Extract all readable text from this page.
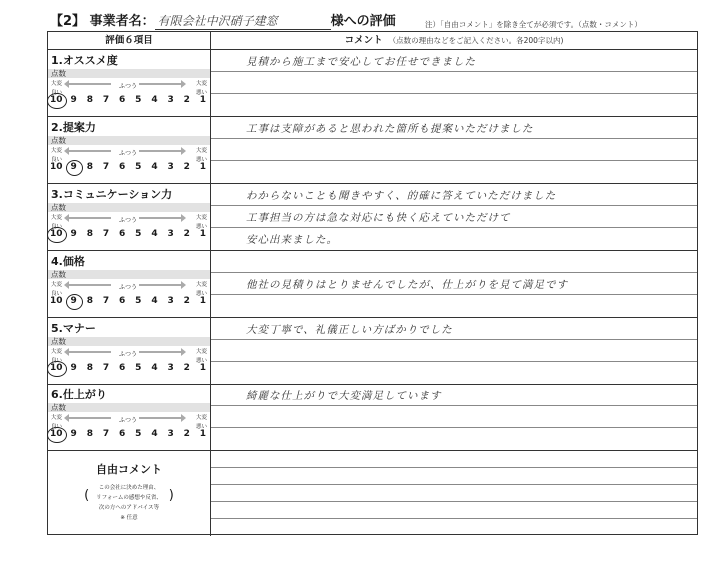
【2】 事業者名： 有限会社中沢硝子建窓	様への評価	注）「自由コメント」を除き全てが必須です。（点数・コメント）
評価６項目	コメント （点数の理由などをご記入ください。各200字以内)
1.オススメ度
点数
大変	ふつう	大変
良い	悪い
10 9 8 7 6 5 4 3 2 1
見積から施工まで安心してお任せできました
2.提案力
点数
大変	ふつう	大変
良い	悪い
10 9 8 7 6 5 4 3 2 1
工事は支障があると思われた箇所も提案いただけました
3.コミュニケーション力
点数
大変	ふつう	大変
良い	悪い
10 9 8 7 6 5 4 3 2 1
わからないことも聞きやすく、的確に答えていただけました
工事担当の方は急な対応にも快く応えていただけて
安心出来ました。
4.価格
点数
大変	ふつう	大変
良い	悪い
10 9 8 7 6 5 4 3 2 1
他社の見積りはとりませんでしたが、仕上がりを見て満足です
5.マナー
点数
大変	ふつう	大変
良い	悪い
10 9 8 7 6 5 4 3 2 1
大変丁寧で、礼儀正しい方ばかりでした
6.仕上がり
点数
大変	ふつう	大変
良い	悪い
10 9 8 7 6 5 4 3 2 1
綺麗な仕上がりで大変満足しています
自由コメント
(	この会社に決めた理由、
リフォームの感想や反省、
次の方へのアドバイス等
※ 任意
)
